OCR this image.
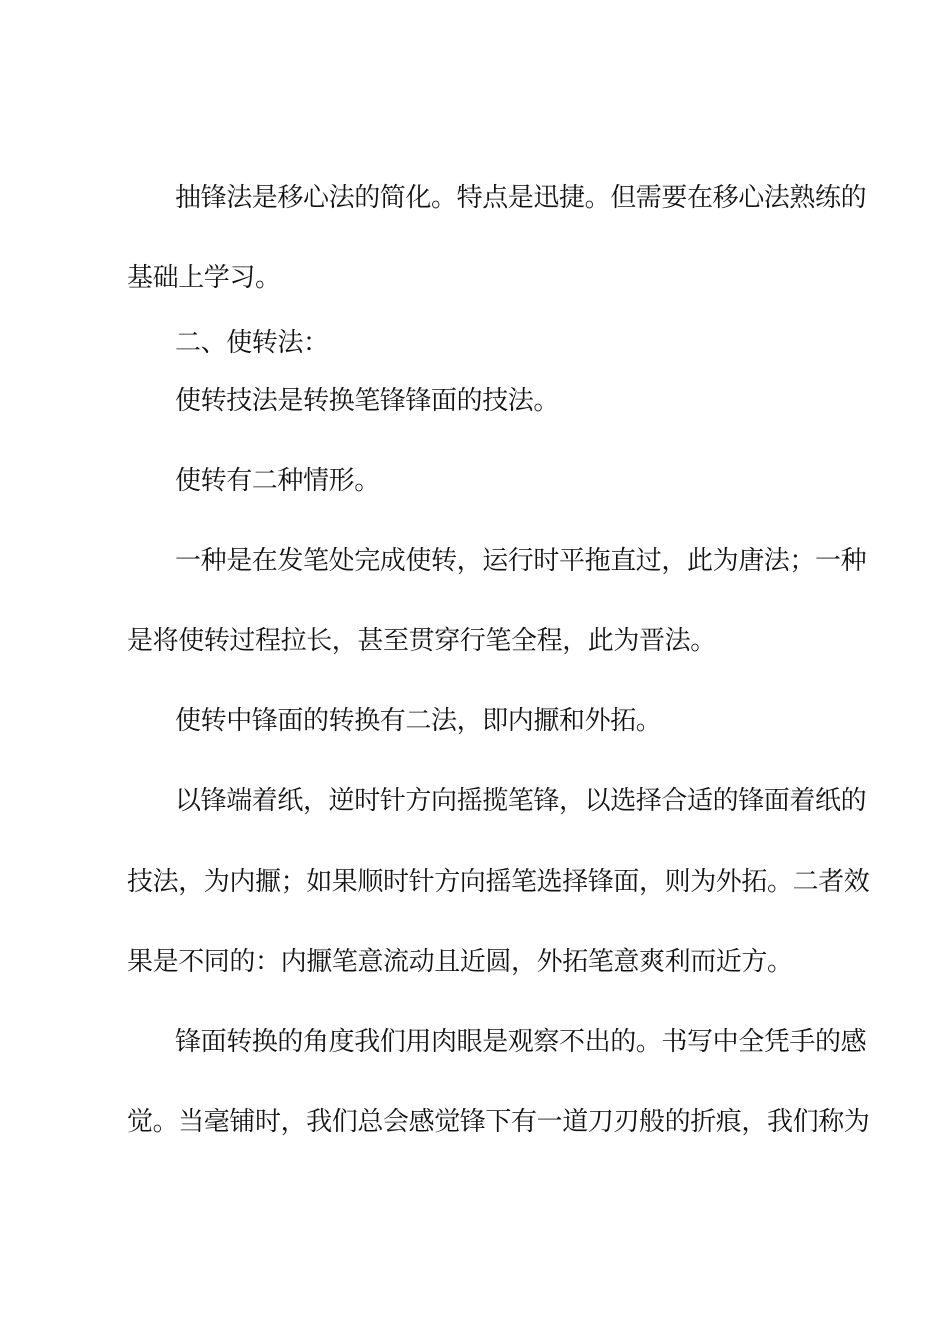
抽锋法是移心法的简化。特点是迅捷。但需要在移心法熟练的
基础上学习。
二、使转法：
使转技法是转换笔锋锋面的技法。
使转有二种情形。
一种是在发笔处完成使转，运行时平拖直过，此为唐法；一种
是将使转过程拉长，甚至贯穿行笔全程，此为晋法。
使转中锋面的转换有二法，即内擫和外拓。
以锋端着纸，逆时针方向摇揽笔锋，以选择合适的锋面着纸的
技法，为内擫；如果顺时针方向摇笔选择锋面，则为外拓。二者效
果是不同的：内擫笔意流动且近圆，外拓笔意爽利而近方。
锋面转换的角度我们用肉眼是观察不出的。书写中全凭手的感
觉。当毫铺时，我们总会感觉锋下有一道刀刃般的折痕，我们称为
